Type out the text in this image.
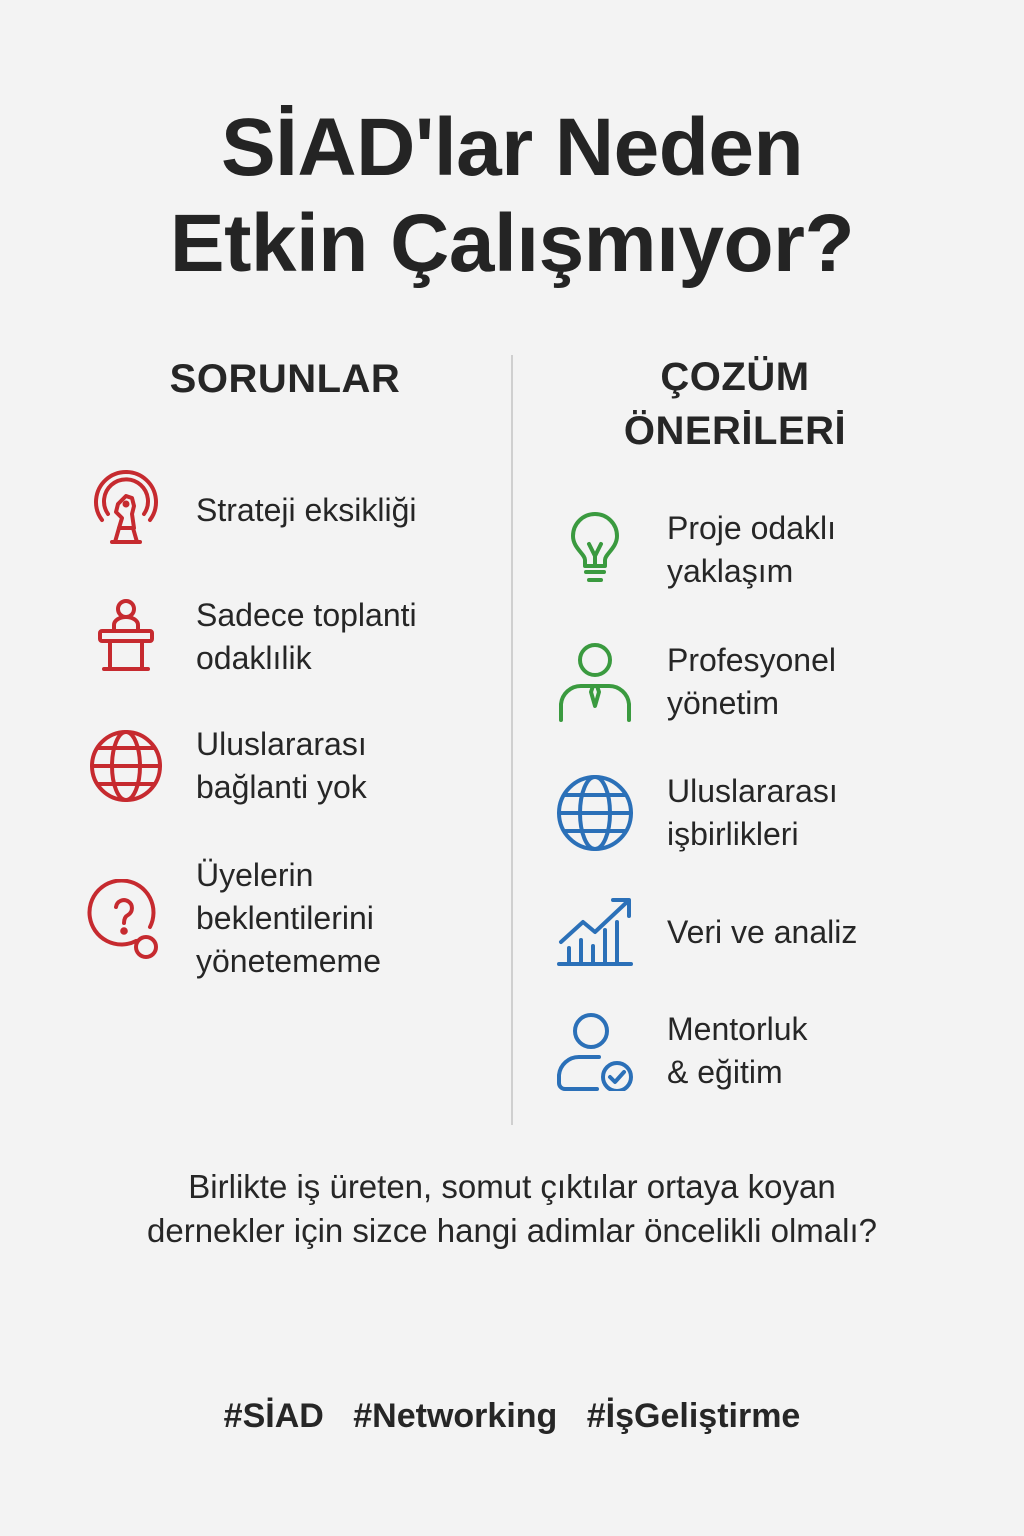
SİAD'lar Neden
Etkin Çalışmıyor?
SORUNLAR
Strateji eksikliği
Sadece toplanti
odaklılik
Uluslararası
bağlanti yok
Üyelerin
beklentilerini
yönetememe
ÇOZÜM
ÖNERİLERİ
Proje odaklı
yaklaşım
Profesyonel
yönetim
Uluslararası
işbirlikleri
Veri ve analiz
Mentorluk
& eğitim
Birlikte iş üreten, somut çıktılar ortaya koyan
dernekler için sizce hangi adimlar öncelikli olmalı?
#SİAD #Networking #İşGeliştirme
